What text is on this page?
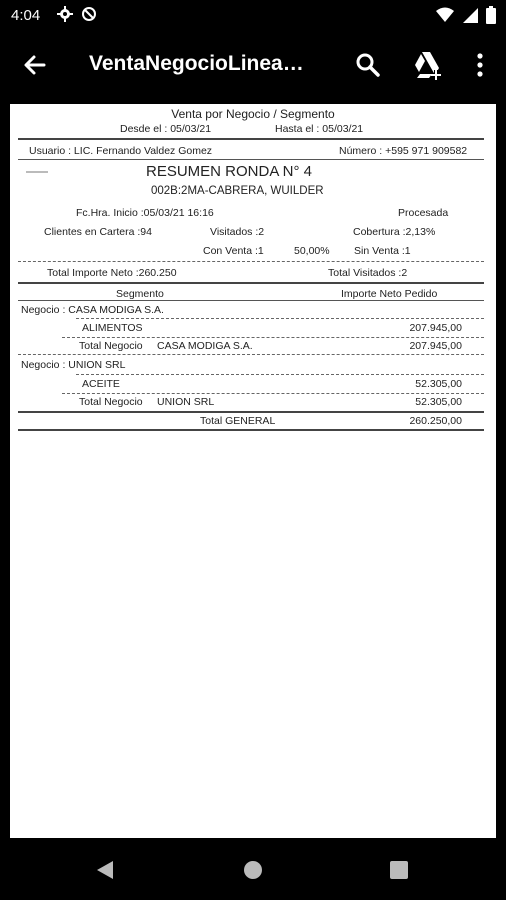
4:04
VentaNegocioLinea…
Venta por Negocio / Segmento
Desde el : 05/03/21	Hasta el : 05/03/21
Usuario : LIC. Fernando Valdez Gomez	Número : +595 971 909582
RESUMEN RONDA N° 4
002B:2MA-CABRERA, WUILDER
Fc.Hra. Inicio :05/03/21 16:16	Procesada
Clientes en Cartera :94	Visitados :2	Cobertura :2,13%
Con Venta :1	50,00% Sin Venta :1
Total Importe Neto :260.250	Total Visitados :2
Segmento	Importe Neto Pedido
Negocio : CASA MODIGA S.A.
ALIMENTOS	207.945,00
Total Negocio CASA MODIGA S.A.	207.945,00
Negocio : UNION SRL
ACEITE	52.305,00
Total Negocio UNION SRL	52.305,00
Total GENERAL	260.250,00
